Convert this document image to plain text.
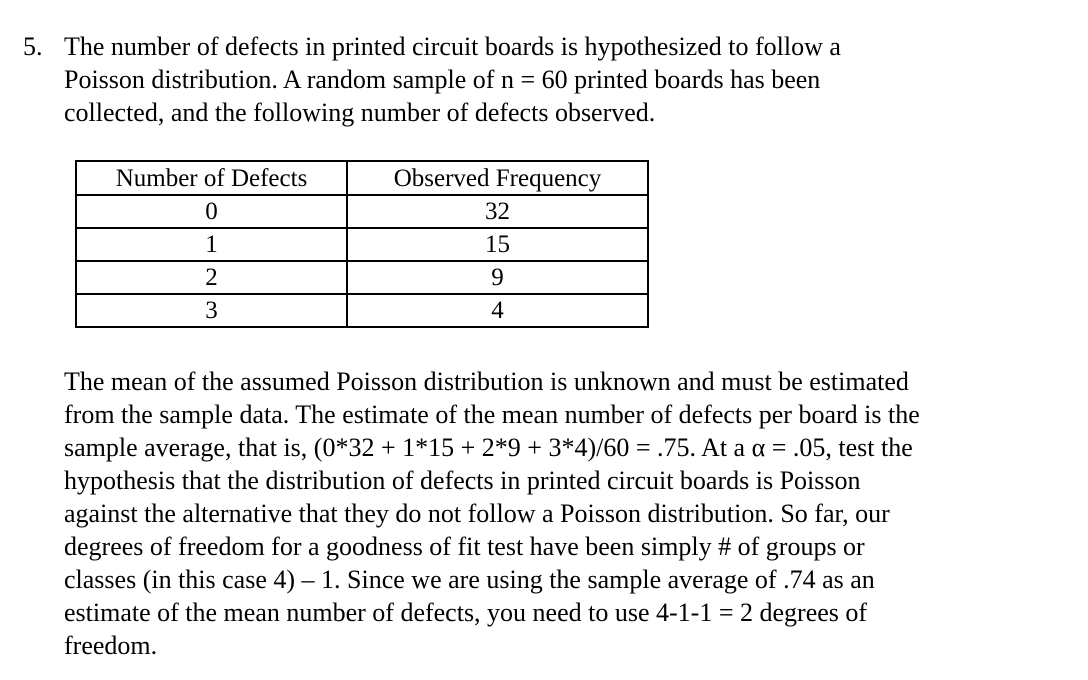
5. The number of defects in printed circuit boards is hypothesized to follow a
Poisson distribution. A random sample of n = 60 printed boards has been
collected, and the following number of defects observed.
Number of Defects	Observed Frequency
0	32
1	15
2	9
3	4
The mean of the assumed Poisson distribution is unknown and must be estimated
from the sample data. The estimate of the mean number of defects per board is the
sample average, that is, (0*32 + 1*15 + 2*9 + 3*4)/60 = .75. At a α = .05, test the
hypothesis that the distribution of defects in printed circuit boards is Poisson
against the alternative that they do not follow a Poisson distribution. So far, our
degrees of freedom for a goodness of fit test have been simply # of groups or
classes (in this case 4) – 1. Since we are using the sample average of .74 as an
estimate of the mean number of defects, you need to use 4-1-1 = 2 degrees of
freedom.
